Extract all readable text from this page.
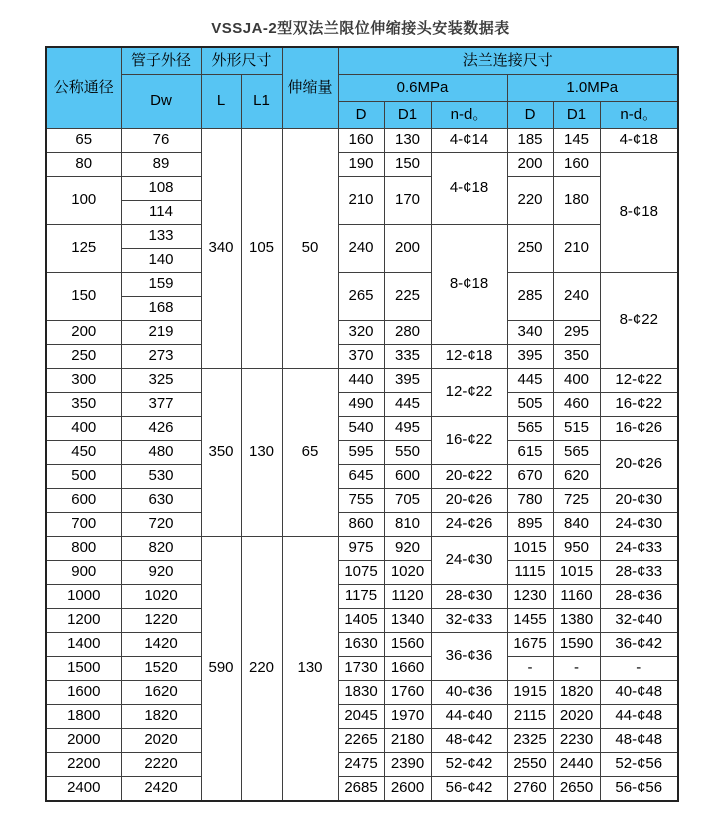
VSSJA-2型双法兰限位伸缩接头安装数据表
公称通径	管子外径	外形尺寸		伸缩量	法兰连接尺寸					
	Dw	L	L1		0.6MPa			1.0MPa		
					D	D1	n-d。	D	D1	n-d。
65	76	340	105	50	160	130	4-¢14	185	145	4-¢18
80	89				190	150	4-¢18	200	160	8-¢18
100	108				210	170		220	180	
	114									
125	133				240	200	8-¢18	250	210	
	140									
150	159				265	225		285	240	8-¢22
	168									
200	219				320	280		340	295	
250	273				370	335	12-¢18	395	350	
300	325	350	130	65	440	395	12-¢22	445	400	12-¢22
350	377				490	445		505	460	16-¢22
400	426				540	495	16-¢22	565	515	16-¢26
450	480				595	550		615	565	20-¢26
500	530				645	600	20-¢22	670	620	
600	630				755	705	20-¢26	780	725	20-¢30
700	720				860	810	24-¢26	895	840	24-¢30
800	820	590	220	130	975	920	24-¢30	1015	950	24-¢33
900	920				1075	1020		1115	1015	28-¢33
1000	1020				1175	1120	28-¢30	1230	1160	28-¢36
1200	1220				1405	1340	32-¢33	1455	1380	32-¢40
1400	1420				1630	1560	36-¢36	1675	1590	36-¢42
1500	1520				1730	1660		-	-	-
1600	1620				1830	1760	40-¢36	1915	1820	40-¢48
1800	1820				2045	1970	44-¢40	2115	2020	44-¢48
2000	2020				2265	2180	48-¢42	2325	2230	48-¢48
2200	2220				2475	2390	52-¢42	2550	2440	52-¢56
2400	2420				2685	2600	56-¢42	2760	2650	56-¢56
